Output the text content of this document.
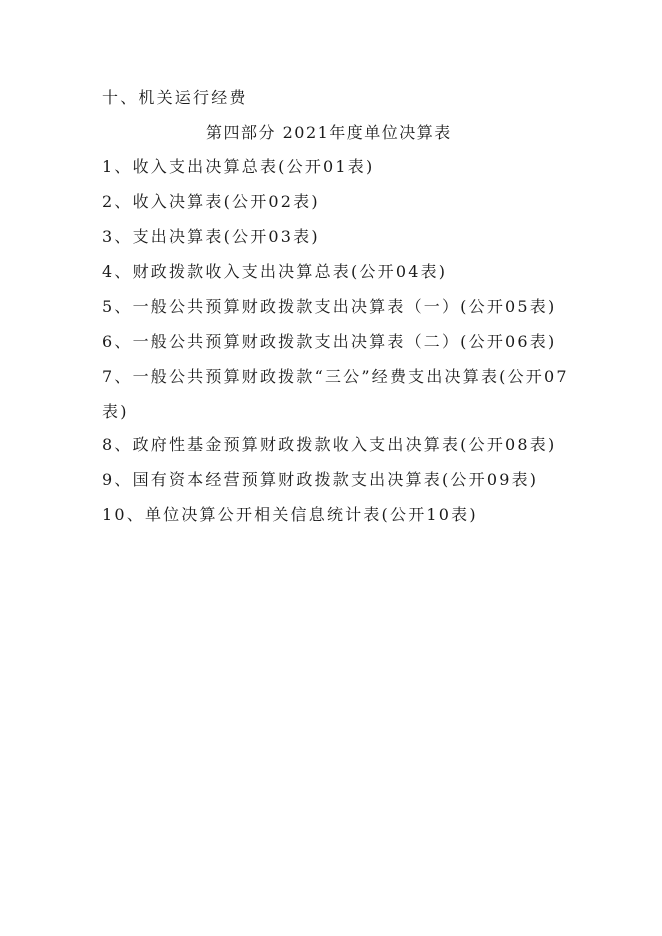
十、机关运行经费
第四部分 2021年度单位决算表
1、收入支出决算总表(公开01表)
2、收入决算表(公开02表)
3、支出决算表(公开03表)
4、财政拨款收入支出决算总表(公开04表)
5、一般公共预算财政拨款支出决算表（一）(公开05表)
6、一般公共预算财政拨款支出决算表（二）(公开06表)
7、一般公共预算财政拨款“三公”经费支出决算表(公开07表)
8、政府性基金预算财政拨款收入支出决算表(公开08表)
9、国有资本经营预算财政拨款支出决算表(公开09表)
10、单位决算公开相关信息统计表(公开10表)
